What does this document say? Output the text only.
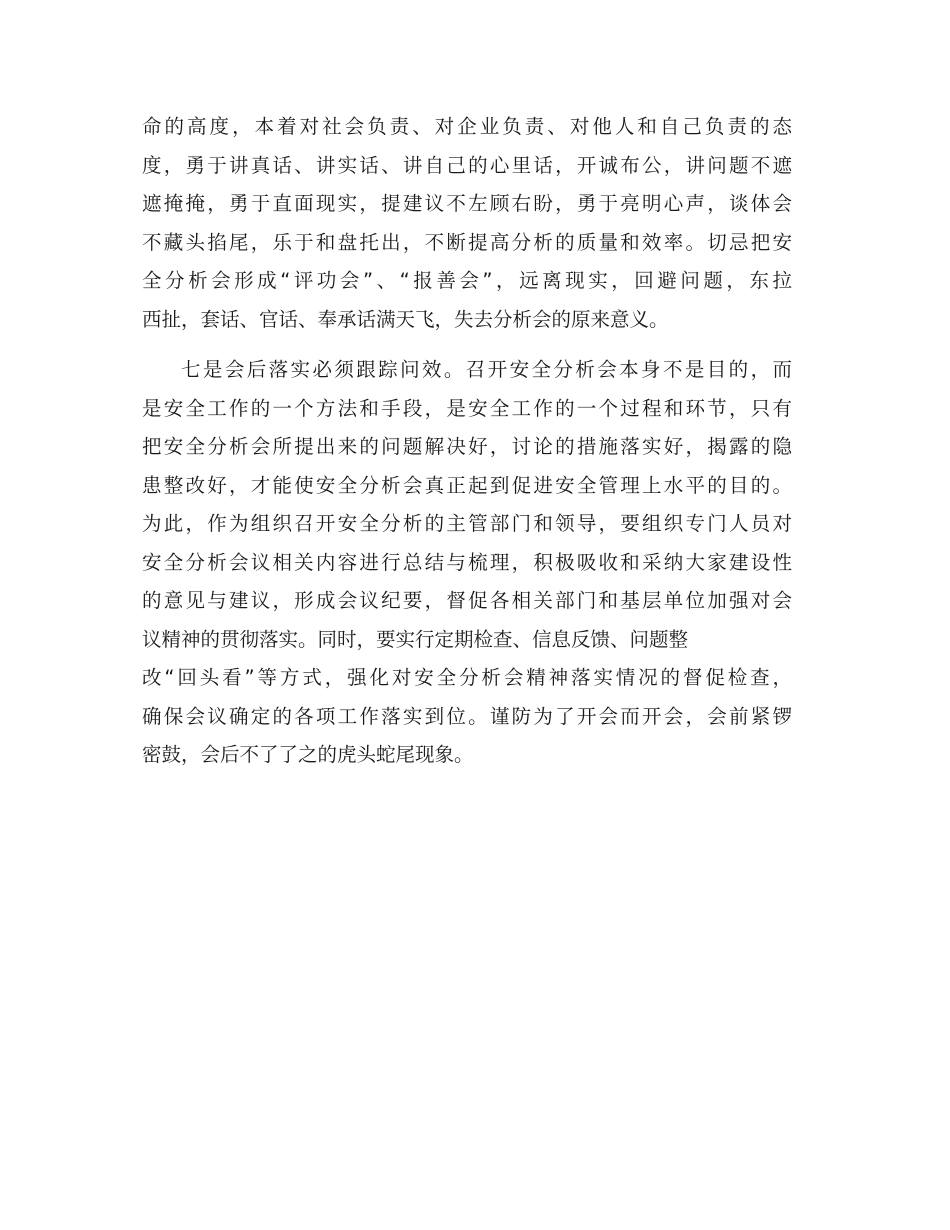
命的高度，本着对社会负责、对企业负责、对他人和自己负责的态
度，勇于讲真话、讲实话、讲自己的心里话，开诚布公，讲问题不遮
遮掩掩，勇于直面现实，提建议不左顾右盼，勇于亮明心声，谈体会
不藏头掐尾，乐于和盘托出，不断提高分析的质量和效率。切忌把安
全分析会形成“评功会”、“报善会”，远离现实，回避问题，东拉
西扯，套话、官话、奉承话满天飞，失去分析会的原来意义。
七是会后落实必须跟踪问效。召开安全分析会本身不是目的，而
是安全工作的一个方法和手段，是安全工作的一个过程和环节，只有
把安全分析会所提出来的问题解决好，讨论的措施落实好，揭露的隐
患整改好，才能使安全分析会真正起到促进安全管理上水平的目的。
为此，作为组织召开安全分析的主管部门和领导，要组织专门人员对
安全分析会议相关内容进行总结与梳理，积极吸收和采纳大家建设性
的意见与建议，形成会议纪要，督促各相关部门和基层单位加强对会
议精神的贯彻落实。同时，要实行定期检查、信息反馈、问题整
改“回头看”等方式，强化对安全分析会精神落实情况的督促检查，
确保会议确定的各项工作落实到位。谨防为了开会而开会，会前紧锣
密鼓，会后不了了之的虎头蛇尾现象。
